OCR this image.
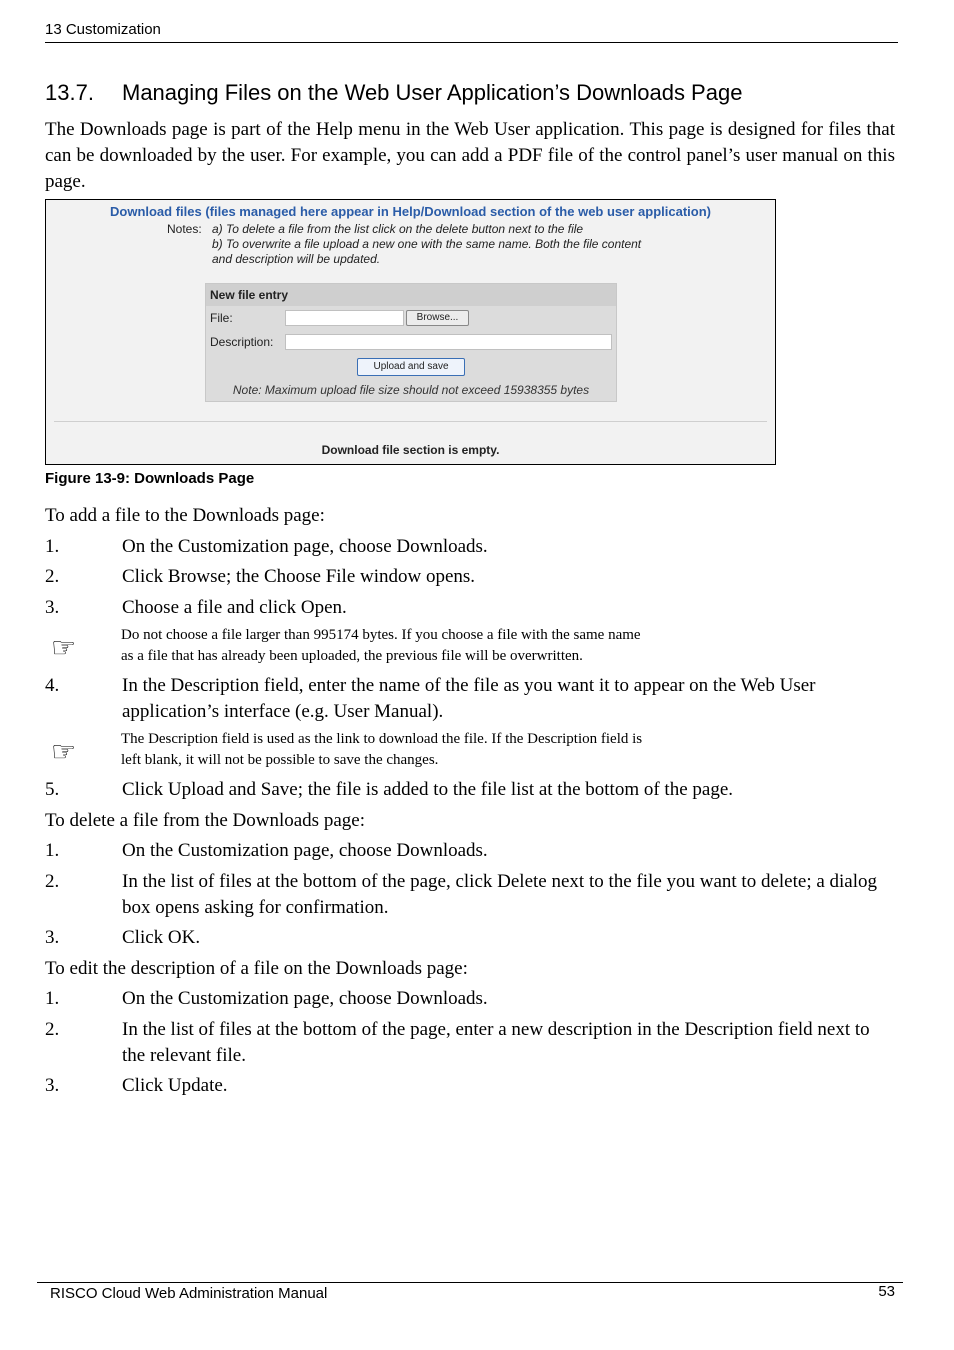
13 Customization
13.7. Managing Files on the Web User Application’s Downloads Page
The Downloads page is part of the Help menu in the Web User application. This page is designed for files that can be downloaded by the user. For example, you can add a PDF file of the control panel’s user manual on this page.
Download files (files managed here appear in Help/Download section of the web user application)
Notes: a) To delete a file from the list click on the delete button next to the file
b) To overwrite a file upload a new one with the same name. Both the file content
and description will be updated.
New file entry
File:	Browse...
Description:
Upload and save
Note: Maximum upload file size should not exceed 15938355 bytes
Download file section is empty.
Figure 13-9: Downloads Page
To add a file to the Downloads page:
1.	On the Customization page, choose Downloads.
2.	Click Browse; the Choose File window opens.
3.	Choose a file and click Open.
☞	Do not choose a file larger than 995174 bytes. If you choose a file with the same name
as a file that has already been uploaded, the previous file will be overwritten.
4.	In the Description field, enter the name of the file as you want it to appear on the Web User application’s interface (e.g. User Manual).
☞	The Description field is used as the link to download the file. If the Description field is
left blank, it will not be possible to save the changes.
5.	Click Upload and Save; the file is added to the file list at the bottom of the page.
To delete a file from the Downloads page:
1.	On the Customization page, choose Downloads.
2.	In the list of files at the bottom of the page, click Delete next to the file you want to delete; a dialog box opens asking for confirmation.
3.	Click OK.
To edit the description of a file on the Downloads page:
1.	On the Customization page, choose Downloads.
2.	In the list of files at the bottom of the page, enter a new description in the Description field next to the relevant file.
3.	Click Update.
RISCO Cloud Web Administration Manual	53
